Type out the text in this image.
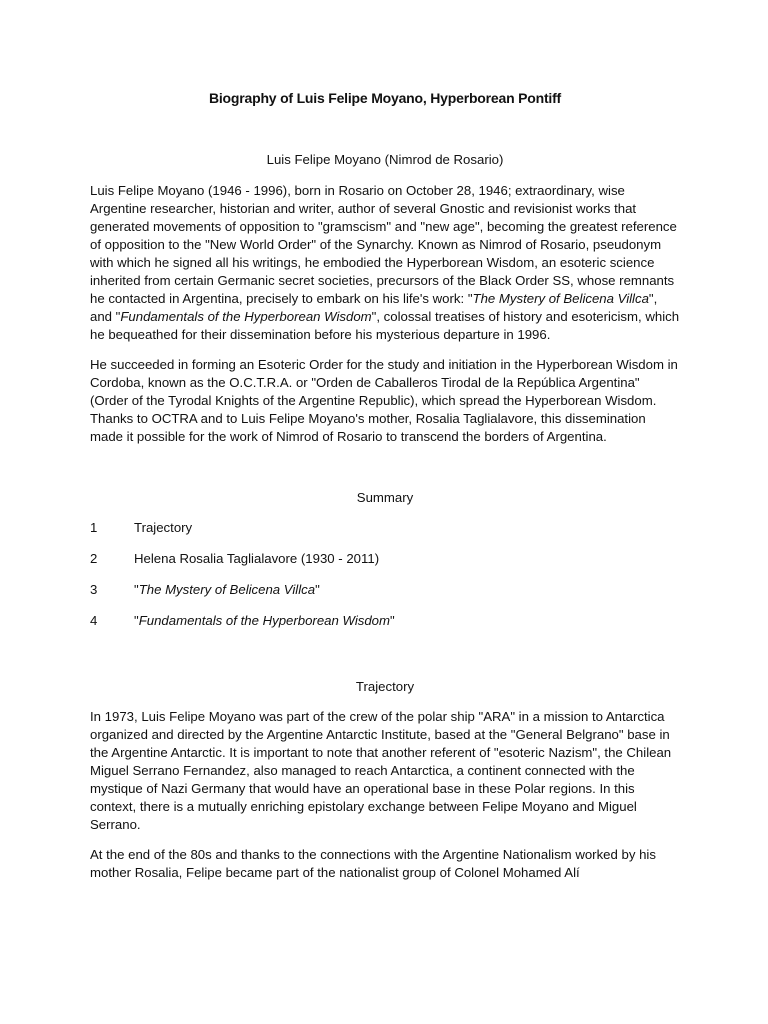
Biography of Luis Felipe Moyano, Hyperborean Pontiff
Luis Felipe Moyano (Nimrod de Rosario)

Luis Felipe Moyano (1946 - 1996), born in Rosario on October 28, 1946; extraordinary, wise Argentine researcher, historian and writer, author of several Gnostic and revisionist works that generated movements of opposition to "gramscism" and "new age", becoming the greatest reference of opposition to the "New World Order" of the Synarchy. Known as Nimrod of Rosario, pseudonym with which he signed all his writings, he embodied the Hyperborean Wisdom, an esoteric science inherited from certain Germanic secret societies, precursors of the Black Order SS, whose remnants he contacted in Argentina, precisely to embark on his life's work: "The Mystery of Belicena Villca", and "Fundamentals of the Hyperborean Wisdom", colossal treatises of history and esotericism, which he bequeathed for their dissemination before his mysterious departure in 1996.

He succeeded in forming an Esoteric Order for the study and initiation in the Hyperborean Wisdom in Cordoba, known as the O.C.T.R.A. or "Orden de Caballeros Tirodal de la República Argentina" (Order of the Tyrodal Knights of the Argentine Republic), which spread the Hyperborean Wisdom. Thanks to OCTRA and to Luis Felipe Moyano's mother, Rosalia Taglialavore, this dissemination made it possible for the work of Nimrod of Rosario to transcend the borders of Argentina.

Summary
1	Trajectory
2	Helena Rosalia Taglialavore (1930 - 2011)
3	"The Mystery of Belicena Villca"
4	"Fundamentals of the Hyperborean Wisdom"
Trajectory

In 1973, Luis Felipe Moyano was part of the crew of the polar ship "ARA" in a mission to Antarctica organized and directed by the Argentine Antarctic Institute, based at the "General Belgrano" base in the Argentine Antarctic. It is important to note that another referent of "esoteric Nazism", the Chilean Miguel Serrano Fernandez, also managed to reach Antarctica, a continent connected with the mystique of Nazi Germany that would have an operational base in these Polar regions. In this context, there is a mutually enriching epistolary exchange between Felipe Moyano and Miguel Serrano.

At the end of the 80s and thanks to the connections with the Argentine Nationalism worked by his mother Rosalia, Felipe became part of the nationalist group of Colonel Mohamed Alí
